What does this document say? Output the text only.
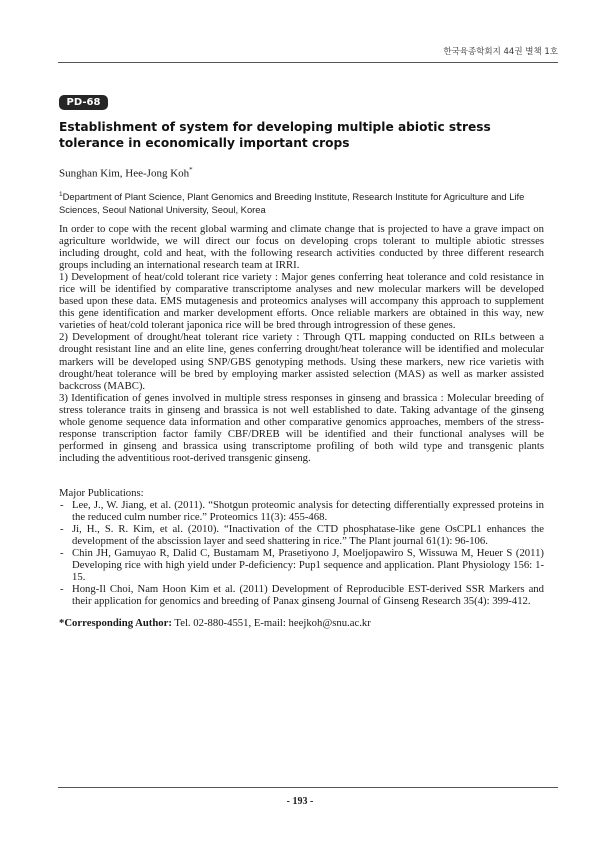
한국육종학회지 44권 별책 1호
PD-68
Establishment of system for developing multiple abiotic stress tolerance in economically important crops
Sunghan Kim, Hee-Jong Koh*
$^1$Department of Plant Science, Plant Genomics and Breeding Institute, Research Institute for Agriculture and Life Sciences, Seoul National University, Seoul, Korea

In order to cope with the recent global warming and climate change that is projected to have a grave impact on agriculture worldwide, we will direct our focus on developing crops tolerant to multiple abiotic stresses including drought, cold and heat, with the following research activities conducted by three different research groups including an international research team at IRRI.

1) Development of heat/cold tolerant rice variety : Major genes conferring heat tolerance and cold resistance in rice will be identified by comparative transcriptome analyses and new molecular markers will be developed based upon these data. EMS mutagenesis and proteomics analyses will accompany this approach to supplement this gene identification and marker development efforts. Once reliable markers are obtained in this way, new varieties of heat/cold tolerant japonica rice will be bred through introgression of these genes.

2) Development of drought/heat tolerant rice variety : Through QTL mapping conducted on RILs between a drought resistant line and an elite line, genes conferring drought/heat tolerance will be identified and molecular markers will be developed using SNP/GBS genotyping methods. Using these markers, new rice varietis with drought/heat tolerance will be bred by employing marker assisted selection (MAS) as well as marker assisted backcross (MABC).

3) Identification of genes involved in multiple stress responses in ginseng and brassica : Molecular breeding of stress tolerance traits in ginseng and brassica is not well established to date. Taking advantage of the ginseng whole genome sequence data information and other comparative genomics approaches, members of the stress-response transcription factor family CBF/DREB will be identified and their functional analyses will be performed in ginseng and brassica using transcriptome profiling of both wild type and transgenic plants including the adventitious root-derived transgenic ginseng.

Major Publications:

- Lee, J., W. Jiang, et al. (2011). “Shotgun proteomic analysis for detecting differentially expressed proteins in the reduced culm number rice.” Proteomics 11(3): 455-468.
- Ji, H., S. R. Kim, et al. (2010). “Inactivation of the CTD phosphatase-like gene OsCPL1 enhances the development of the abscission layer and seed shattering in rice.” The Plant journal 61(1): 96-106.
- Chin JH, Gamuyao R, Dalid C, Bustamam M, Prasetiyono J, Moeljopawiro S, Wissuwa M, Heuer S (2011) Developing rice with high yield under P-deficiency: Pup1 sequence and application. Plant Physiology 156: 1-15.
- Hong-Il Choi, Nam Hoon Kim et al. (2011) Development of Reproducible EST-derived SSR Markers and their application for genomics and breeding of Panax ginseng Journal of Ginseng Research 35(4): 399-412.
*Corresponding Author: Tel. 02-880-4551, E-mail: heejkoh@snu.ac.kr
- 193 -
